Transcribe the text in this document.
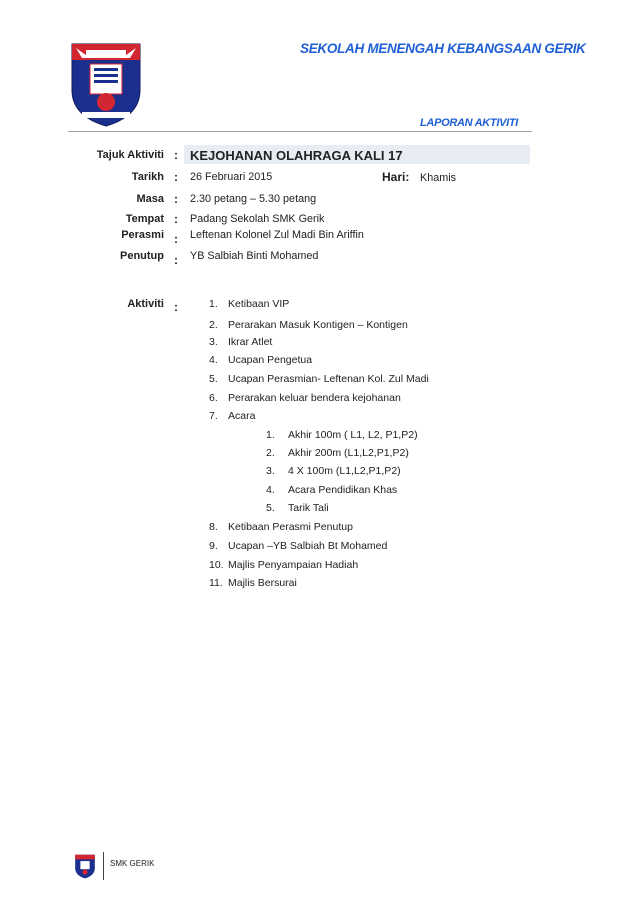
SEKOLAH MENENGAH KEBANGSAAN GERIK
LAPORAN AKTIVITI
Tajuk Aktiviti : KEJOHANAN OLAHRAGA KALI 17
Tarikh : 26 Februari 2015	Hari: Khamis
Masa : 2.30 petang – 5.30 petang
Tempat : Padang Sekolah SMK Gerik
Perasmi : Leftenan Kolonel Zul Madi Bin Ariffin
Penutup : YB Salbiah Binti Mohamed
Aktiviti :	1. Ketibaan VIP
2. Perarakan Masuk Kontigen – Kontigen
3. Ikrar Atlet
4. Ucapan Pengetua
5. Ucapan Perasmian- Leftenan Kol. Zul Madi
6. Perarakan keluar bendera kejohanan
7. Acara
1. Akhir 100m ( L1, L2, P1,P2)
2. Akhir 200m (L1,L2,P1,P2)
3. 4 X 100m (L1,L2,P1,P2)
4. Acara Pendidikan Khas
5. Tarik Tali
8. Ketibaan Perasmi Penutup
9. Ucapan –YB Salbiah Bt Mohamed
10. Majlis Penyampaian Hadiah
11. Majlis Bersurai
SMK GERIK
